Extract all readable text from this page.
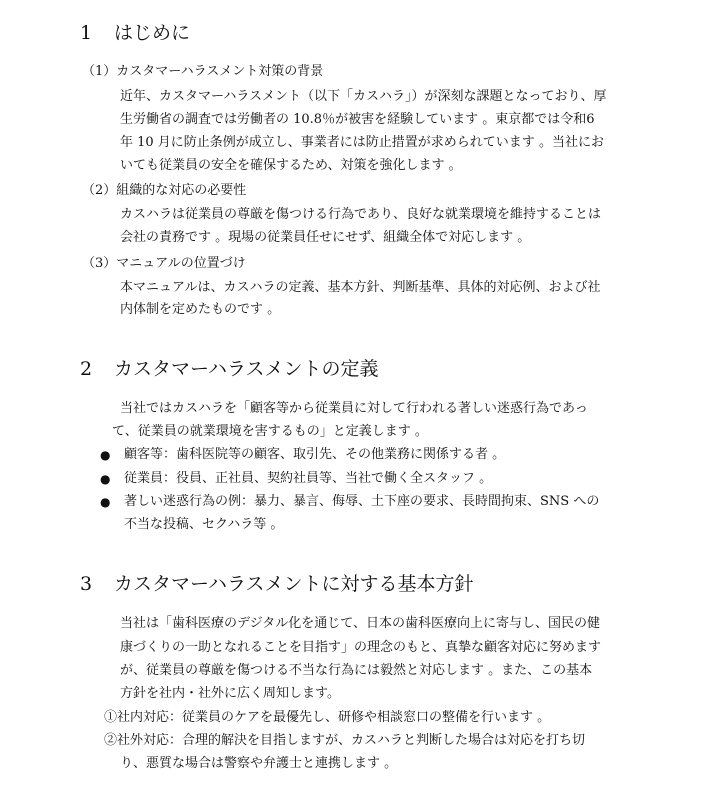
1 はじめに
（1）カスタマーハラスメント対策の背景
近年、カスタマーハラスメント（以下「カスハラ」）が深刻な課題となっており、厚
生労働省の調査では労働者の 10.8％が被害を経験しています 。東京都では令和6
年 10 月に防止条例が成立し、事業者には防止措置が求められています 。当社にお
いても従業員の安全を確保するため、対策を強化します 。
（2）組織的な対応の必要性
カスハラは従業員の尊厳を傷つける行為であり、良好な就業環境を維持することは
会社の責務です 。現場の従業員任せにせず、組織全体で対応します 。
（3）マニュアルの位置づけ
本マニュアルは、カスハラの定義、基本方針、判断基準、具体的対応例、および社
内体制を定めたものです 。
2 カスタマーハラスメントの定義
当社ではカスハラを「顧客等から従業員に対して行われる著しい迷惑行為であっ
て、従業員の就業環境を害するもの」と定義します 。
● 顧客等：歯科医院等の顧客、取引先、その他業務に関係する者 。
● 従業員：役員、正社員、契約社員等、当社で働く全スタッフ 。
● 著しい迷惑行為の例：暴力、暴言、侮辱、土下座の要求、長時間拘束、SNS への
不当な投稿、セクハラ等 。
3 カスタマーハラスメントに対する基本方針
当社は「歯科医療のデジタル化を通じて、日本の歯科医療向上に寄与し、国民の健
康づくりの一助となれることを目指す」の理念のもと、真摯な顧客対応に努めます
が、従業員の尊厳を傷つける不当な行為には毅然と対応します 。また、この基本
方針を社内・社外に広く周知します。
①社内対応：従業員のケアを最優先し、研修や相談窓口の整備を行います 。
②社外対応：合理的解決を目指しますが、カスハラと判断した場合は対応を打ち切
り、悪質な場合は警察や弁護士と連携します 。
